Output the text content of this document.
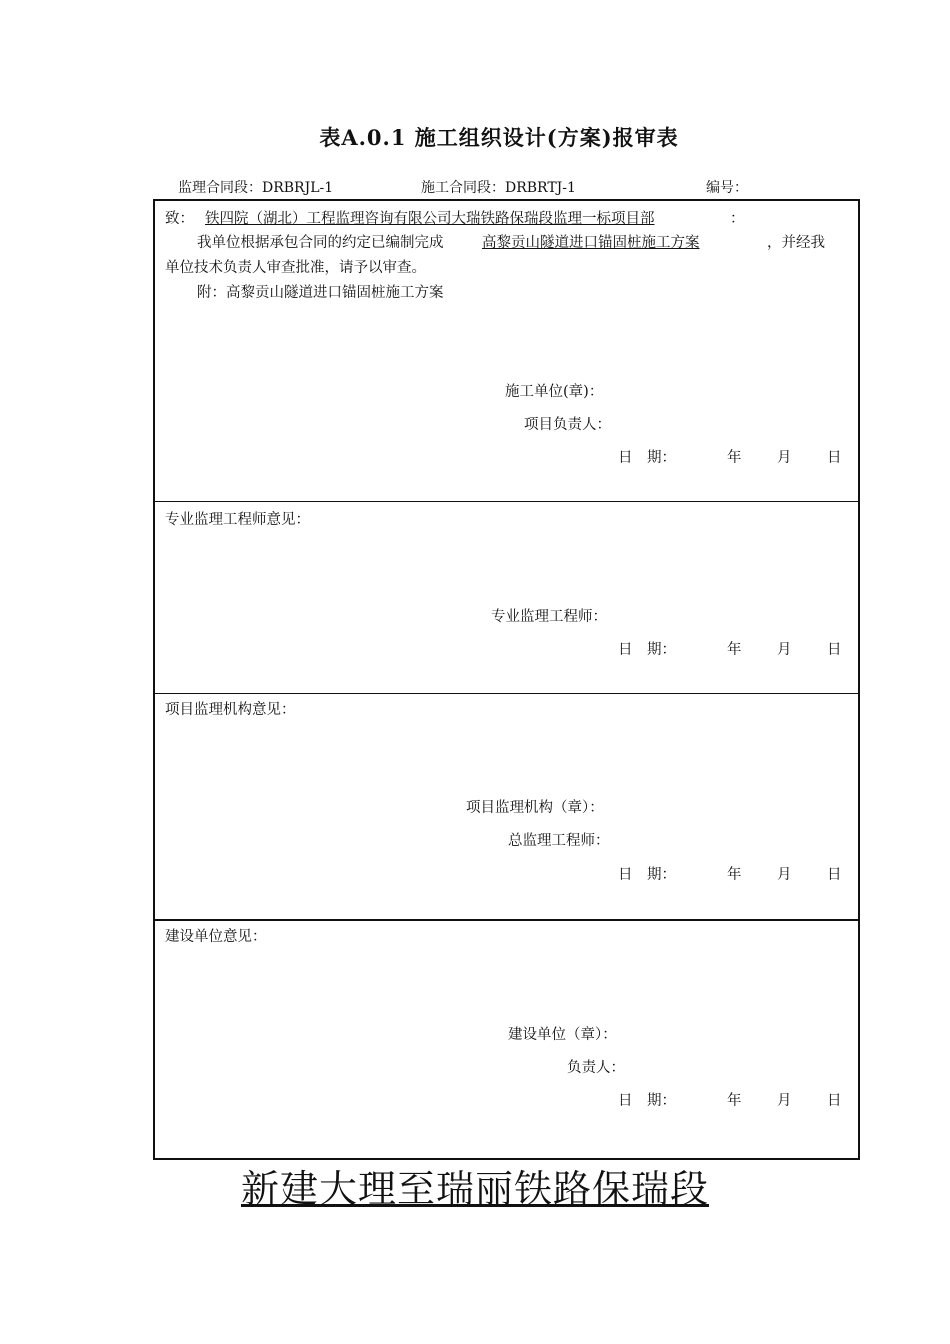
表A.0.1 施工组织设计(方案)报审表
监理合同段：DRBRJL-1	施工合同段：DRBRTJ-1	编号：
致： 铁四院（湖北）工程监理咨询有限公司大瑞铁路保瑞段监理一标项目部	：
我单位根据承包合同的约定已编制完成	高黎贡山隧道进口锚固桩施工方案	，并经我
单位技术负责人审查批准，请予以审查。
附：高黎贡山隧道进口锚固桩施工方案
施工单位(章)：
项目负责人：
日　期：	年 月 日
专业监理工程师意见：
专业监理工程师：
日　期：	年 月 日
项目监理机构意见：
项目监理机构（章）：
总监理工程师：
日　期：	年 月 日
建设单位意见：
建设单位（章）：
负责人：
日　期：	年 月 日
新建大理至瑞丽铁路保瑞段
